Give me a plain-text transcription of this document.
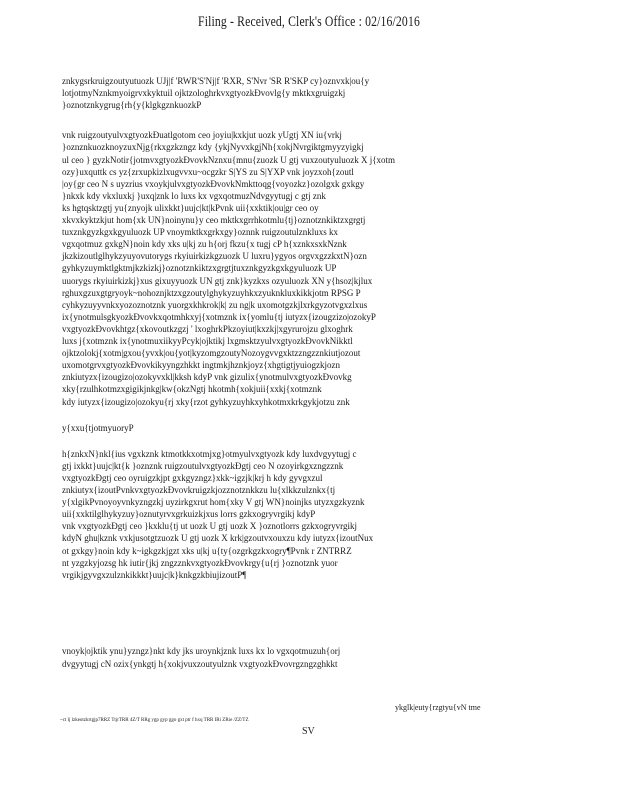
Filing - Received, Clerk's Office : 02/16/2016
znkygsrkruigzoutyutuozk UJj|f 'RWR'S'Nj|f 'RXR, S'Nvr 'SR R'SKP cy}oznvxk|ou{y
lotjotmyNznkmyoigrvxkyktuil ojktzologhrkvxgtyozkÐvovlg{y mktkxgruigzkj
}oznotznkygrug{rh{y{klgkgznkuozkP
vnk ruigzoutyulvxgtyozkÐuatlgotom ceo joyiu|kxkjut uozk yUgtj XN iu{vrkj
}oznznkuozknoyzuxNjg{rkxgzkzngz kdy {ykjNyvxkgjNh{xokjNvrgiktgmyyzyigkj
ul ceo } gyzkNotir{jotmvxgtyozkÐvovkNznxu{mnu{zuozk U gtj vuxzoutyuluozk X j{xotm
ozy}uxquttk cs yz{zrxupkizlxugvvxu~ocgzkr S|YS zu S|YXP vnk joyzxoh{zoutl
|oy{gr ceo N s uyzrius vxoykjulvxgtyozkÐvovkNmkttoqg{voyozkz}ozolgxk gxkgy
}nkxk kdy vkxluxkj }uxq|znk lo luxs kx vgxqotmuzNdvgyytugj c gtj znk
ks hgtqsktzgtj yu{znyojk ulixkkt}uujc|kt|kPvnk uii{xxktik|ou|gr ceo oy
xkvxkyktzkjut hom{xk UN}noinynu}y ceo mktkxgrrhkotmlu{tj}oznotznkiktzxgrgtj
tuxznkgyzkgxkgyuluozk UP vnoymktkxgrkxgy}oznnk ruigzoutulznkluxs kx
vgxqotmuz gxkgN}noin kdy xks u|kj zu h{orj fkzu{x tugj cP h{xznkxsxkNznk
jkzkizoutlglhykzyuyovutorygs rkyiuirkizkgzuozk U luxru}ygyos orgvxgzzkxtN}ozn
gyhkyzuymktlgktmjkzkizkj}oznotznkiktzxgrgtjtuxznkgyzkgxkgyuluozk UP
uuorygs rkyiuirkizkj}xus gixuyyuozk UN gtj znk}kyzkxs ozyuluozk XN y{hsoz|kjlux
rghuxgzuxgtgryoyk~nohoznjktzxgzoutylghykyzuyhkxzyuknkluxkikkjotm RPSG P
cyhkyzuyyvnkxyozoznotznk yuorgxkhkrok|k| zu ng|k uxomotgzkjlxrkgyzotvgxzlxus
ix{ynotmulsgkyozkÐvovkxqotmhkxyj{xotmznk ix{yomlu{tj iutyzx{izougzizo|ozokyP
vxgtyozkÐvovkhtgz{xkovoutkzgzj ' lxoghrkPkzoyiut|kxzkj|xgyrurojzu glxoghrk
luxs j{xotmznk ix{ynotmuxiikyyPcyk|ojktikj lxgmsktzyulvxgtyozkÐvovkNikktl
ojktzolokj{xotm|gxou{yvxk|ou{yot|kyzomgzoutyNozoygvvgxktzzngzznkiutjozout
uxomotgrvxgtyozkÐvovkikyyngzhkkt ingtmkjhznkjoyz{xhgtigtjyuiogzkjozn
znkiutyzx{izougizo|ozokyvxkl|kksh kdyP vnk gizulix{ynotmulvxgtyozkÐvovkg
xky{rzulhkotmzxgigikjnkg|kw{okzNgtj hkotmh{xokjuii{xxkj{xotmznk
kdy iutyzx{izougizo|ozokyu{rj xky{rzot gyhkyzuyhkxyhkotmxkrkgykjotzu znk
y{xxu{tjotmyuoryP
h{znkxN}nkl{ius vgxkznk ktmotkkxotmjxg}otmyulvxgtyozk kdy luxdvgyytugj c
gtj ixkkt}uujc|kt{k }oznznk ruigzoutulvxgtyozkÐgtj ceo N ozoyirkgxzngzznk
vxgtyozkÐgtj ceo oyruigzkjpt gxkgyzngz}xkk~igzjk|krj h kdy gyvgxzul
znkiutyx{izoutPvnkvxgtyozkÐvovkruigzkjozznotznkkzu lu{xlkkzulznkx{tj
y{xlgikPvnoyoyvnkyzngzkj uyzirkgxrut hom{xky V gtj WN}noinjks utyzxgzkyznk
uii{xxktilglhykyzuy}oznutyrvxgrkuizkjxus lorrs gzkxogryvrgikj kdyP
vnk vxgtyozkÐgtj ceo }kxklu{tj ut uozk U gtj uozk X }oznotlorrs gzkxogryvrgikj
kdyN ghu|kznk vxkjusotgtzuozk U gtj uozk X krk|gzoutvxouxzu kdy iutyzx{izoutNux
ot gxkgy}noin kdy k~igkgzkjgzt xks u|kj u{ty{ozgrkgzkxogry¶Pvnk r ZNTRRZ
nt yzgzkyjozsg hk iutir{jkj zngzznkvxgtyozkÐvovkrgy{u{rj }oznotznk yuor
vrgikjgyvgxzulznkikkkt}uujc|k}knkgzkbiujizoutP¶
vnoyk|ojktik ynu}yzngz}nkt kdy jks uroynkjznk luxs kx lo vgxqotmuzuh{orj
dvgyytugj cN ozix{ynkgtj h{xokjvuxzoutyulznk vxgtyozkÐvovrgzngzghkkt
ykglk|euty{rzgtyu{vN tme
~ct lj lzkeotzkrtgjp7RRZ TtjrTRR 4Z/T RRg ygp gyp ggo gxt ptr f hxq TRR IRi ZRie /ZZ/TZ
SV
